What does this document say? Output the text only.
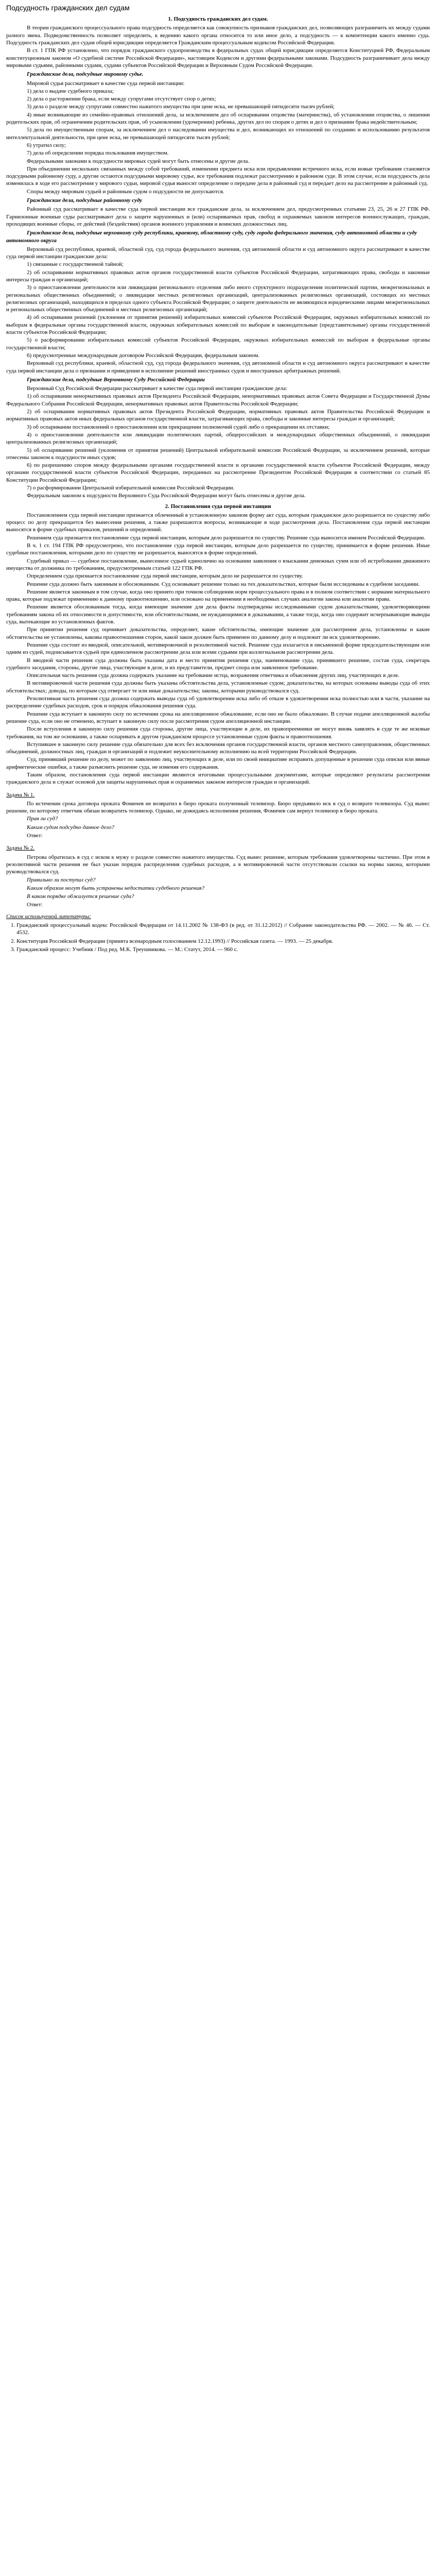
Подсудность гражданских дел судам
1. Подсудность гражданских дел судам.

В теории гражданского процессуального права подсудность определяется как совокупность признаков гражданских дел, позволяющих разграничить их между судами разного звена. Подведомственность позволяет определить, к ведению какого органа относится то или иное дело, а подсудность — к компетенции какого именно суда. Подсудность гражданских дел судам общей юрисдикции определяется Гражданским процессуальным кодексом Российской Федерации.

В ст. 1 ГПК РФ установлено, что порядок гражданского судопроизводства в федеральных судах общей юрисдикции определяется Конституцией РФ, Федеральным конституционным законом «О судебной системе Российской Федерации», настоящим Кодексом и другими федеральными законами. Подсудность разграничивает дела между мировыми судьями, районными судами, судами субъектов Российской Федерации и Верховным Судом Российской Федерации.

Гражданские дела, подсудные мировому судье.

Мировой судья рассматривает в качестве суда первой инстанции:

1) дела о выдаче судебного приказа;

2) дела о расторжении брака, если между супругами отсутствует спор о детях;

3) дела о разделе между супругами совместно нажитого имущества при цене иска, не превышающей пятидесяти тысяч рублей;

4) иные возникающие из семейно-правовых отношений дела, за исключением дел об оспаривании отцовства (материнства), об установлении отцовства, о лишении родительских прав, об ограничении родительских прав, об усыновлении (удочерении) ребенка, других дел по спорам о детях и дел о признании брака недействительным;

5) дела по имущественным спорам, за исключением дел о наследовании имущества и дел, возникающих из отношений по созданию и использованию результатов интеллектуальной деятельности, при цене иска, не превышающей пятидесяти тысяч рублей;

6) утратил силу;

7) дела об определении порядка пользования имуществом.

Федеральными законами к подсудности мировых судей могут быть отнесены и другие дела.

При объединении нескольких связанных между собой требований, изменении предмета иска или предъявлении встречного иска, если новые требования становятся подсудными районному суду, а другие остаются подсудными мировому судье, все требования подлежат рассмотрению в районном суде. В этом случае, если подсудность дела изменилась в ходе его рассмотрения у мирового судьи, мировой судья выносит определение о передаче дела в районный суд и передает дело на рассмотрение в районный суд.

Споры между мировым судьей и районным судом о подсудности не допускаются.

Гражданские дела, подсудные районному суду

Районный суд рассматривает в качестве суда первой инстанции все гражданские дела, за исключением дел, предусмотренных статьями 23, 25, 26 и 27 ГПК РФ. Гарнизонные военные суды рассматривают дела о защите нарушенных и (или) оспариваемых прав, свобод и охраняемых законом интересов военнослужащих, граждан, проходящих военные сборы, от действий (бездействия) органов военного управления и воинских должностных лиц.

Гражданские дела, подсудные верховному суду республики, краевому, областному суду, суду города федерального значения, суду автономной области и суду автономного округа

Верховный суд республики, краевой, областной суд, суд города федерального значения, суд автономной области и суд автономного округа рассматривают в качестве суда первой инстанции гражданские дела:

1) связанные с государственной тайной;

2) об оспаривании нормативных правовых актов органов государственной власти субъектов Российской Федерации, затрагивающих права, свободы и законные интересы граждан и организаций;

3) о приостановлении деятельности или ликвидации регионального отделения либо иного структурного подразделения политической партии, межрегиональных и региональных общественных объединений; о ликвидации местных религиозных организаций, централизованных религиозных организаций, состоящих из местных религиозных организаций, находящихся в пределах одного субъекта Российской Федерации; о запрете деятельности не являющихся юридическими лицами межрегиональных и региональных общественных объединений и местных религиозных организаций;

4) об оспаривании решений (уклонения от принятия решений) избирательных комиссий субъектов Российской Федерации, окружных избирательных комиссий по выборам в федеральные органы государственной власти, окружных избирательных комиссий по выборам в законодательные (представительные) органы государственной власти субъектов Российской Федерации;

5) о расформировании избирательных комиссий субъектов Российской Федерации, окружных избирательных комиссий по выборам в федеральные органы государственной власти;

6) предусмотренные международным договором Российской Федерации, федеральным законом.

Верховный суд республики, краевой, областной суд, суд города федерального значения, суд автономной области и суд автономного округа рассматривают в качестве суда первой инстанции дела о признании и приведении в исполнение решений иностранных судов и иностранных арбитражных решений.

Гражданские дела, подсудные Верховному Суду Российской Федерации

Верховный Суд Российской Федерации рассматривает в качестве суда первой инстанции гражданские дела:

1) об оспаривании ненормативных правовых актов Президента Российской Федерации, ненормативных правовых актов Совета Федерации и Государственной Думы Федерального Собрания Российской Федерации, ненормативных правовых актов Правительства Российской Федерации;

2) об оспаривании нормативных правовых актов Президента Российской Федерации, нормативных правовых актов Правительства Российской Федерации и нормативных правовых актов иных федеральных органов государственной власти, затрагивающих права, свободы и законные интересы граждан и организаций;

3) об оспаривании постановлений о приостановлении или прекращении полномочий судей либо о прекращении их отставки;

4) о приостановлении деятельности или ликвидации политических партий, общероссийских и международных общественных объединений, о ликвидации централизованных религиозных организаций;

5) об оспаривании решений (уклонения от принятия решений) Центральной избирательной комиссии Российской Федерации, за исключением решений, которые отнесены законом к подсудности иных судов;

6) по разрешению споров между федеральными органами государственной власти и органами государственной власти субъектов Российской Федерации, между органами государственной власти субъектов Российской Федерации, переданных на рассмотрение Президентом Российской Федерации в соответствии со статьей 85 Конституции Российской Федерации;

7) о расформировании Центральной избирательной комиссии Российской Федерации.

Федеральным законом к подсудности Верховного Суда Российской Федерации могут быть отнесены и другие дела.

2. Постановления суда первой инстанции

Постановлением суда первой инстанции признается облеченный в установленную законом форму акт суда, которым гражданское дело разрешается по существу либо процесс по делу прекращается без вынесения решения, а также разрешаются вопросы, возникающие в ходе рассмотрения дела. Постановления суда первой инстанции выносятся в форме судебных приказов, решений и определений.

Решением суда признается постановление суда первой инстанции, которым дело разрешается по существу. Решение суда выносится именем Российской Федерации.

В ч. 1 ст. 194 ГПК РФ предусмотрено, что постановление суда первой инстанции, которым дело разрешается по существу, принимается в форме решения. Иные судебные постановления, которыми дело по существу не разрешается, выносятся в форме определений.

Судебный приказ — судебное постановление, вынесенное судьей единолично на основании заявления о взыскании денежных сумм или об истребовании движимого имущества от должника по требованиям, предусмотренным статьей 122 ГПК РФ.

Определением суда признается постановление суда первой инстанции, которым дело не разрешается по существу.

Решение суда должно быть законным и обоснованным. Суд основывает решение только на тех доказательствах, которые были исследованы в судебном заседании.

Решение является законным в том случае, когда оно принято при точном соблюдении норм процессуального права и в полном соответствии с нормами материального права, которые подлежат применению к данному правоотношению, или основано на применении в необходимых случаях аналогии закона или аналогии права.

Решение является обоснованным тогда, когда имеющие значение для дела факты подтверждены исследованными судом доказательствами, удовлетворяющими требованиям закона об их относимости и допустимости, или обстоятельствами, не нуждающимися в доказывании, а также тогда, когда оно содержит исчерпывающие выводы суда, вытекающие из установленных фактов.

При принятии решения суд оценивает доказательства, определяет, какие обстоятельства, имеющие значение для рассмотрения дела, установлены и какие обстоятельства не установлены, каковы правоотношения сторон, какой закон должен быть применен по данному делу и подлежит ли иск удовлетворению.

Решение суда состоит из вводной, описательной, мотивировочной и резолютивной частей. Решение суда излагается в письменной форме председательствующим или одним из судей, подписывается судьей при единоличном рассмотрении дела или всеми судьями при коллегиальном рассмотрении дела.

В вводной части решения суда должны быть указаны дата и место принятия решения суда, наименование суда, принявшего решение, состав суда, секретарь судебного заседания, стороны, другие лица, участвующие в деле, и их представители, предмет спора или заявленное требование.

Описательная часть решения суда должна содержать указание на требование истца, возражения ответчика и объяснения других лиц, участвующих в деле.

В мотивировочной части решения суда должны быть указаны обстоятельства дела, установленные судом; доказательства, на которых основаны выводы суда об этих обстоятельствах; доводы, по которым суд отвергает те или иные доказательства; законы, которыми руководствовался суд.

Резолютивная часть решения суда должна содержать выводы суда об удовлетворении иска либо об отказе в удовлетворении иска полностью или в части, указание на распределение судебных расходов, срок и порядок обжалования решения суда.

Решение суда вступает в законную силу по истечении срока на апелляционное обжалование, если оно не было обжаловано. В случае подачи апелляционной жалобы решение суда, если оно не отменено, вступает в законную силу после рассмотрения судом апелляционной инстанции.

После вступления в законную силу решения суда стороны, другие лица, участвующие в деле, их правопреемники не могут вновь заявлять в суде те же исковые требования, на том же основании, а также оспаривать в другом гражданском процессе установленные судом факты и правоотношения.

Вступившее в законную силу решение суда обязательно для всех без исключения органов государственной власти, органов местного самоуправления, общественных объединений, должностных лиц, граждан и организаций и подлежит неукоснительному исполнению на всей территории Российской Федерации.

Суд, принявший решение по делу, может по заявлению лиц, участвующих в деле, или по своей инициативе исправить допущенные в решении суда описки или явные арифметические ошибки, а также разъяснить решение суда, не изменяя его содержания.

Таким образом, постановления суда первой инстанции являются итоговыми процессуальными документами, которые определяют результаты рассмотрения гражданского дела и служат основой для защиты нарушенных прав и охраняемых законом интересов граждан и организаций.

Задача № 1.

По истечении срока договора проката Фомичев не возвратил в бюро проката полученный телевизор. Бюро предъявило иск в суд о возврате телевизора. Суд вынес решение, по которому ответчик обязан возвратить телевизор. Однако, не дожидаясь исполнения решения, Фомичев сам вернул телевизор в бюро проката.

Прав ли суд?
Каким судом подсудно данное дело?
Ответ:
Задача № 2.

Петрова обратилась в суд с иском к мужу о разделе совместно нажитого имущества. Суд вынес решение, которым требования удовлетворены частично. При этом в резолютивной части решения не был указан порядок распределения судебных расходов, а в мотивировочной части отсутствовали ссылки на нормы закона, которыми руководствовался суд.

Правильно ли поступил суд?
Каким образом могут быть устранены недостатки судебного решения?
В каком порядке обжалуется решение суда?
Ответ:
Список используемой литературы:
1. Гражданский процессуальный кодекс Российской Федерации от 14.11.2002 № 138-ФЗ (в ред. от 31.12.2012) // Собрание законодательства РФ. — 2002. — № 46. — Ст. 4532.
2. Конституция Российской Федерации (принята всенародным голосованием 12.12.1993) // Российская газета. — 1993. — 25 декабря.
3. Гражданский процесс: Учебник / Под ред. М.К. Треушникова. — М.: Статут, 2014. — 960 с.
